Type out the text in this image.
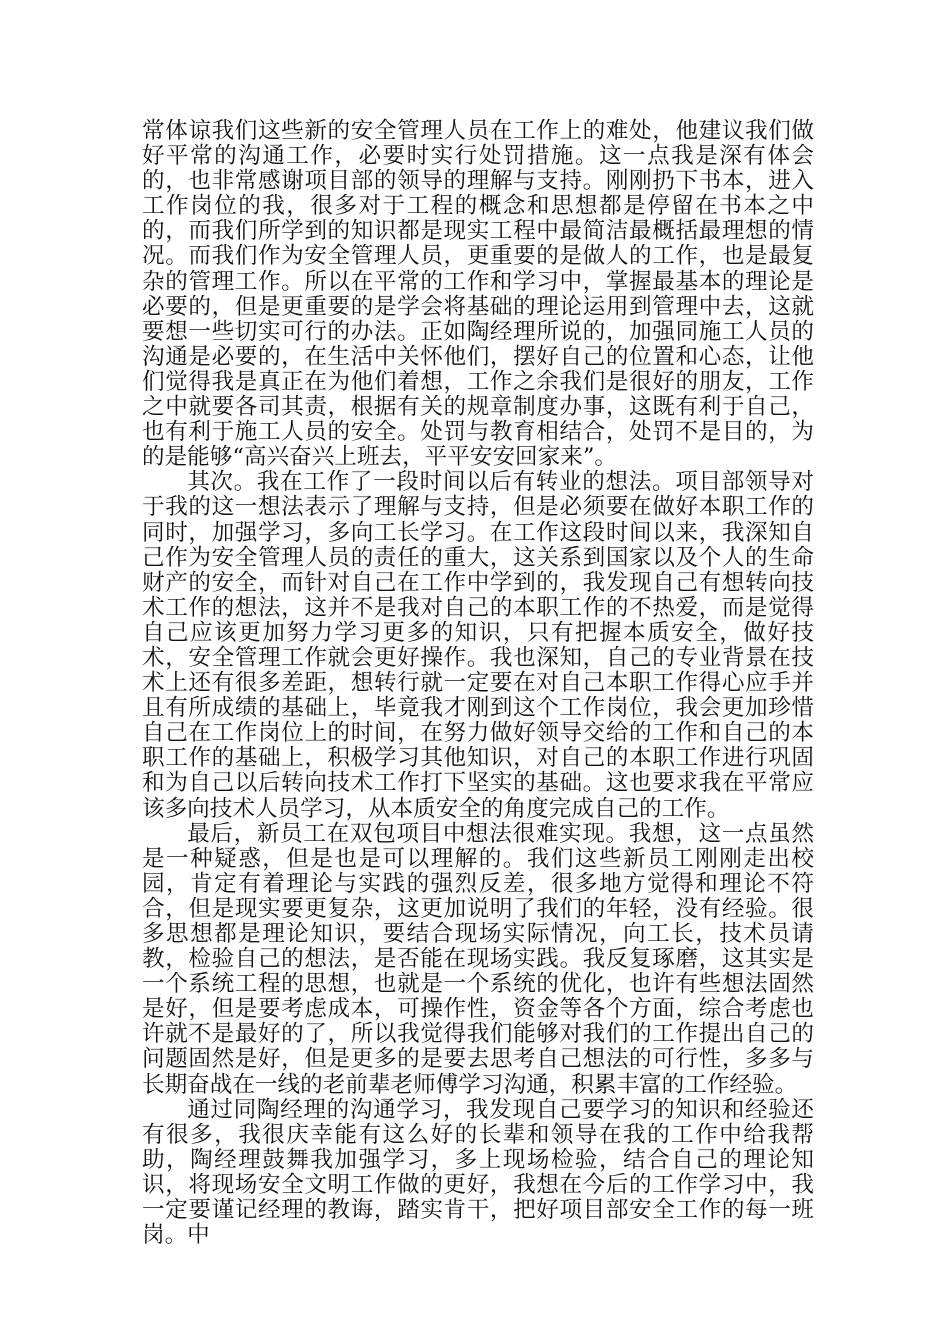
常体谅我们这些新的安全管理人员在工作上的难处，他建议我们做好平常的沟通工作，必要时实行处罚措施。这一点我是深有体会的，也非常感谢项目部的领导的理解与支持。刚刚扔下书本，进入工作岗位的我，很多对于工程的概念和思想都是停留在书本之中的，而我们所学到的知识都是现实工程中最简洁最概括最理想的情况。而我们作为安全管理人员，更重要的是做人的工作，也是最复杂的管理工作。所以在平常的工作和学习中，掌握最基本的理论是必要的，但是更重要的是学会将基础的理论运用到管理中去，这就要想一些切实可行的办法。正如陶经理所说的，加强同施工人员的沟通是必要的，在生活中关怀他们，摆好自己的位置和心态，让他们觉得我是真正在为他们着想，工作之余我们是很好的朋友，工作之中就要各司其责，根据有关的规章制度办事，这既有利于自己，也有利于施工人员的安全。处罚与教育相结合，处罚不是目的，为的是能够“高兴奋兴上班去，平平安安回家来”。

其次。我在工作了一段时间以后有转业的想法。项目部领导对于我的这一想法表示了理解与支持，但是必须要在做好本职工作的同时，加强学习，多向工长学习。在工作这段时间以来，我深知自己作为安全管理人员的责任的重大，这关系到国家以及个人的生命财产的安全，而针对自己在工作中学到的，我发现自己有想转向技术工作的想法，这并不是我对自己的本职工作的不热爱，而是觉得自己应该更加努力学习更多的知识，只有把握本质安全，做好技术，安全管理工作就会更好操作。我也深知，自己的专业背景在技术上还有很多差距，想转行就一定要在对自己本职工作得心应手并且有所成绩的基础上，毕竟我才刚到这个工作岗位，我会更加珍惜自己在工作岗位上的时间，在努力做好领导交给的工作和自己的本职工作的基础上，积极学习其他知识，对自己的本职工作进行巩固和为自己以后转向技术工作打下坚实的基础。这也要求我在平常应该多向技术人员学习，从本质安全的角度完成自己的工作。

最后，新员工在双包项目中想法很难实现。我想，这一点虽然是一种疑惑，但是也是可以理解的。我们这些新员工刚刚走出校园，肯定有着理论与实践的强烈反差，很多地方觉得和理论不符合，但是现实要更复杂，这更加说明了我们的年轻，没有经验。很多思想都是理论知识，要结合现场实际情况，向工长，技术员请教，检验自己的想法，是否能在现场实践。我反复琢磨，这其实是一个系统工程的思想，也就是一个系统的优化，也许有些想法固然是好，但是要考虑成本，可操作性，资金等各个方面，综合考虑也许就不是最好的了，所以我觉得我们能够对我们的工作提出自己的问题固然是好，但是更多的是要去思考自己想法的可行性，多多与长期奋战在一线的老前辈老师傅学习沟通，积累丰富的工作经验。

通过同陶经理的沟通学习，我发现自己要学习的知识和经验还有很多，我很庆幸能有这么好的长辈和领导在我的工作中给我帮助，陶经理鼓舞我加强学习，多上现场检验，结合自己的理论知识，将现场安全文明工作做的更好，我想在今后的工作学习中，我一定要谨记经理的教诲，踏实肯干，把好项目部安全工作的每一班岗。中
